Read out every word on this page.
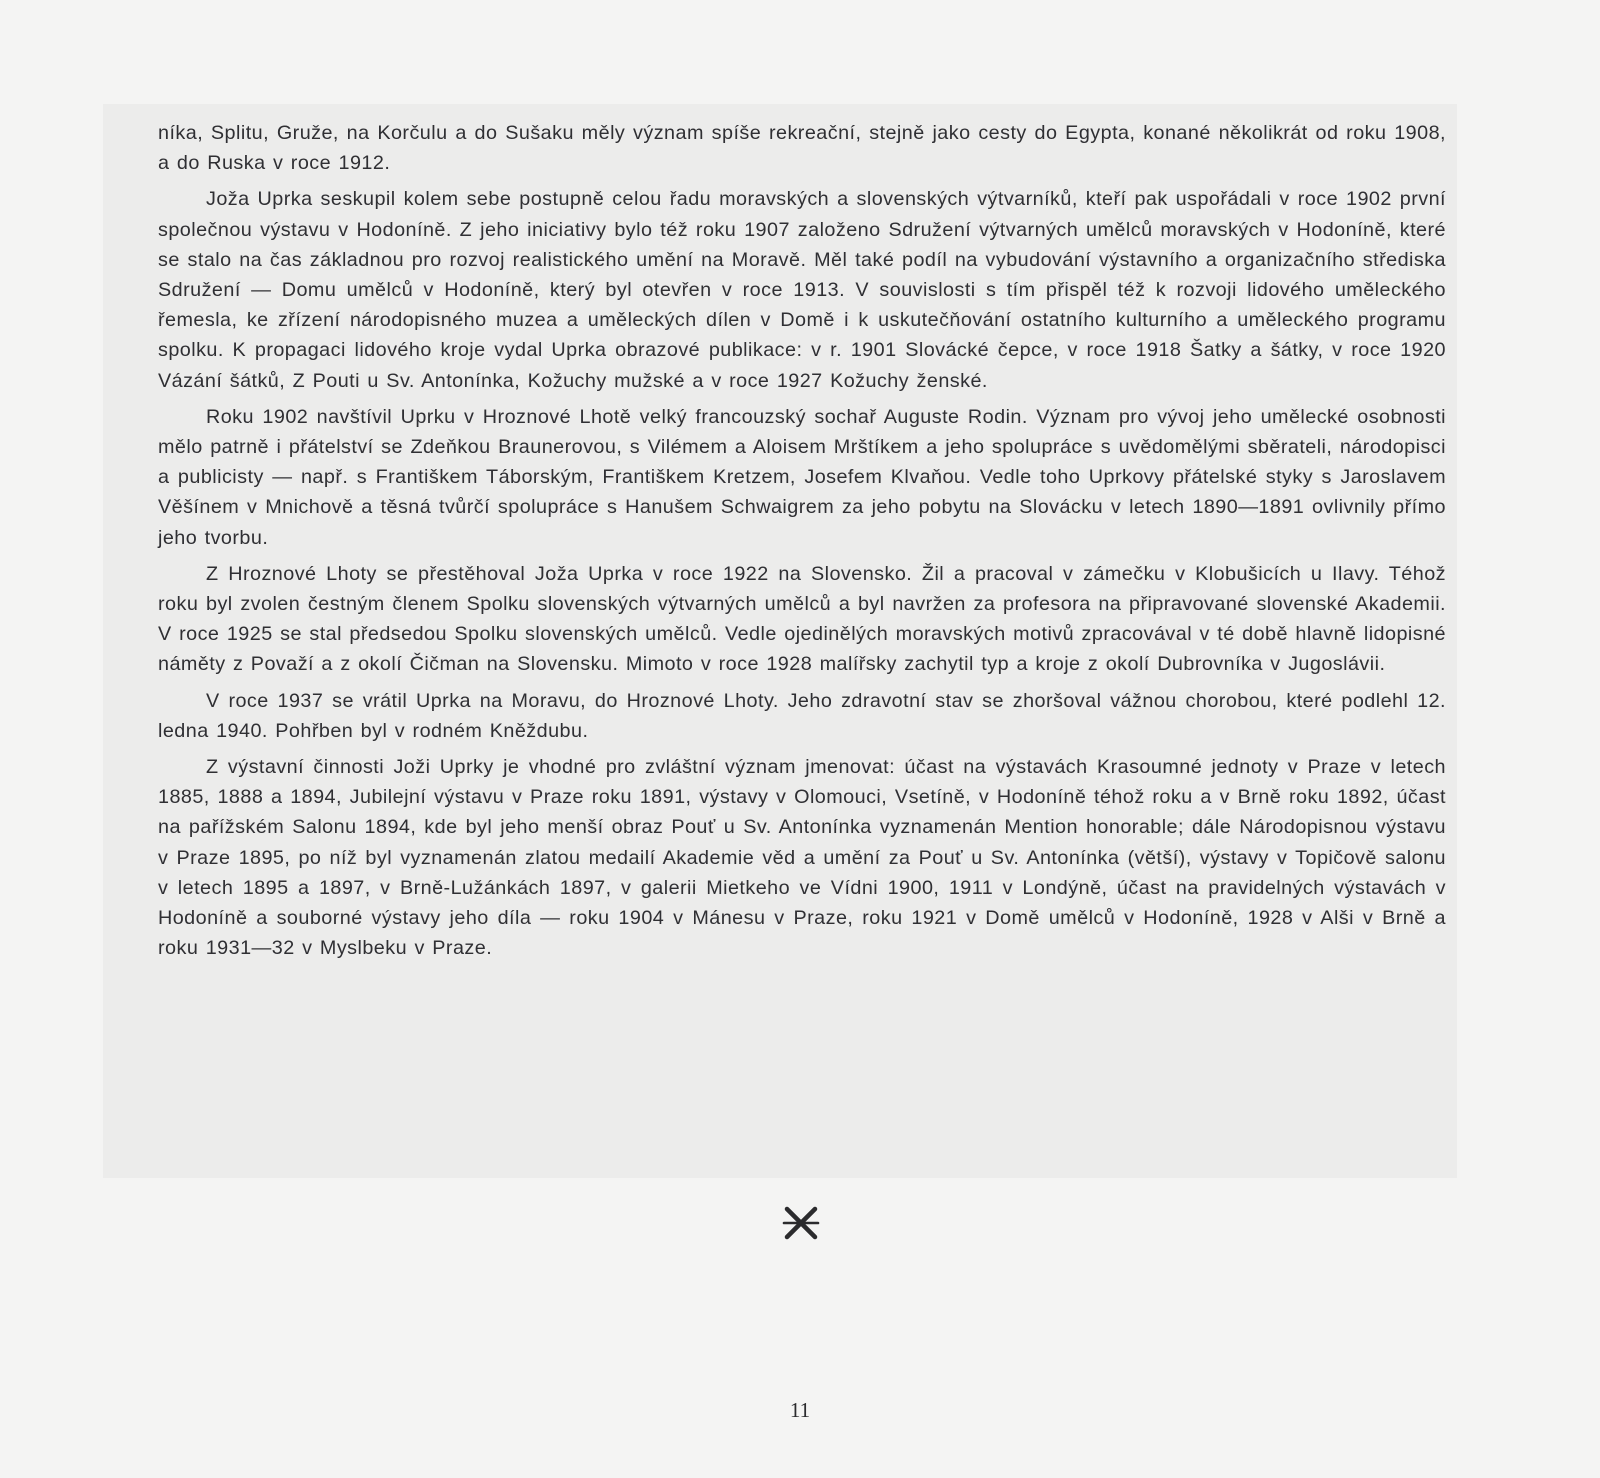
níka, Splitu, Gruže, na Korčulu a do Sušaku měly význam spíše rekreační, stejně jako cesty do Egypta, konané několikrát od roku 1908, a do Ruska v roce 1912.

Joža Uprka seskupil kolem sebe postupně celou řadu moravských a slovenských výtvarníků, kteří pak uspořádali v roce 1902 první společnou výstavu v Hodoníně. Z jeho iniciativy bylo též roku 1907 založeno Sdružení výtvarných umělců moravských v Hodoníně, které se stalo na čas základnou pro rozvoj realistického umění na Moravě. Měl také podíl na vybudování výstavního a organizačního střediska Sdružení — Domu umělců v Hodoníně, který byl otevřen v roce 1913. V souvislosti s tím přispěl též k rozvoji lidového uměleckého řemesla, ke zřízení národopisného muzea a uměleckých dílen v Domě i k uskutečňování ostatního kulturního a uměleckého programu spolku. K propagaci lidového kroje vydal Uprka obrazové publikace: v r. 1901 Slovácké čepce, v roce 1918 Šatky a šátky, v roce 1920 Vázání šátků, Z Pouti u Sv. Antonínka, Kožuchy mužské a v roce 1927 Kožuchy ženské.

Roku 1902 navštívil Uprku v Hroznové Lhotě velký francouzský sochař Auguste Rodin. Význam pro vývoj jeho umělecké osobnosti mělo patrně i přátelství se Zdeňkou Braunerovou, s Vilémem a Aloisem Mrštíkem a jeho spolupráce s uvědomělými sběrateli, národopisci a publicisty — např. s Františkem Táborským, Františkem Kretzem, Josefem Klvaňou. Vedle toho Uprkovy přátelské styky s Jaroslavem Věšínem v Mnichově a těsná tvůrčí spolupráce s Hanušem Schwaigrem za jeho pobytu na Slovácku v letech 1890—1891 ovlivnily přímo jeho tvorbu.

Z Hroznové Lhoty se přestěhoval Joža Uprka v roce 1922 na Slovensko. Žil a pracoval v zámečku v Klobušicích u Ilavy. Téhož roku byl zvolen čestným členem Spolku slovenských výtvarných umělců a byl navržen za profesora na připravované slovenské Akademii. V roce 1925 se stal předsedou Spolku slovenských umělců. Vedle ojedinělých moravských motivů zpracovával v té době hlavně lidopisné náměty z Považí a z okolí Čičman na Slovensku. Mimoto v roce 1928 malířsky zachytil typ a kroje z okolí Dubrovníka v Jugoslávii.

V roce 1937 se vrátil Uprka na Moravu, do Hroznové Lhoty. Jeho zdravotní stav se zhoršoval vážnou chorobou, které podlehl 12. ledna 1940. Pohřben byl v rodném Kněždubu.

Z výstavní činnosti Joži Uprky je vhodné pro zvláštní význam jmenovat: účast na výstavách Krasoumné jednoty v Praze v letech 1885, 1888 a 1894, Jubilejní výstavu v Praze roku 1891, výstavy v Olomouci, Vsetíně, v Hodoníně téhož roku a v Brně roku 1892, účast na pařížském Salonu 1894, kde byl jeho menší obraz Pouť u Sv. Antonínka vyznamenán Mention honorable; dále Národopisnou výstavu v Praze 1895, po níž byl vyznamenán zlatou medailí Akademie věd a umění za Pouť u Sv. Antonínka (větší), výstavy v Topičově salonu v letech 1895 a 1897, v Brně-Lužánkách 1897, v galerii Mietkeho ve Vídni 1900, 1911 v Londýně, účast na pravidelných výstavách v Hodoníně a souborné výstavy jeho díla — roku 1904 v Mánesu v Praze, roku 1921 v Domě umělců v Hodoníně, 1928 v Alši v Brně a roku 1931—32 v Myslbeku v Praze.

11
